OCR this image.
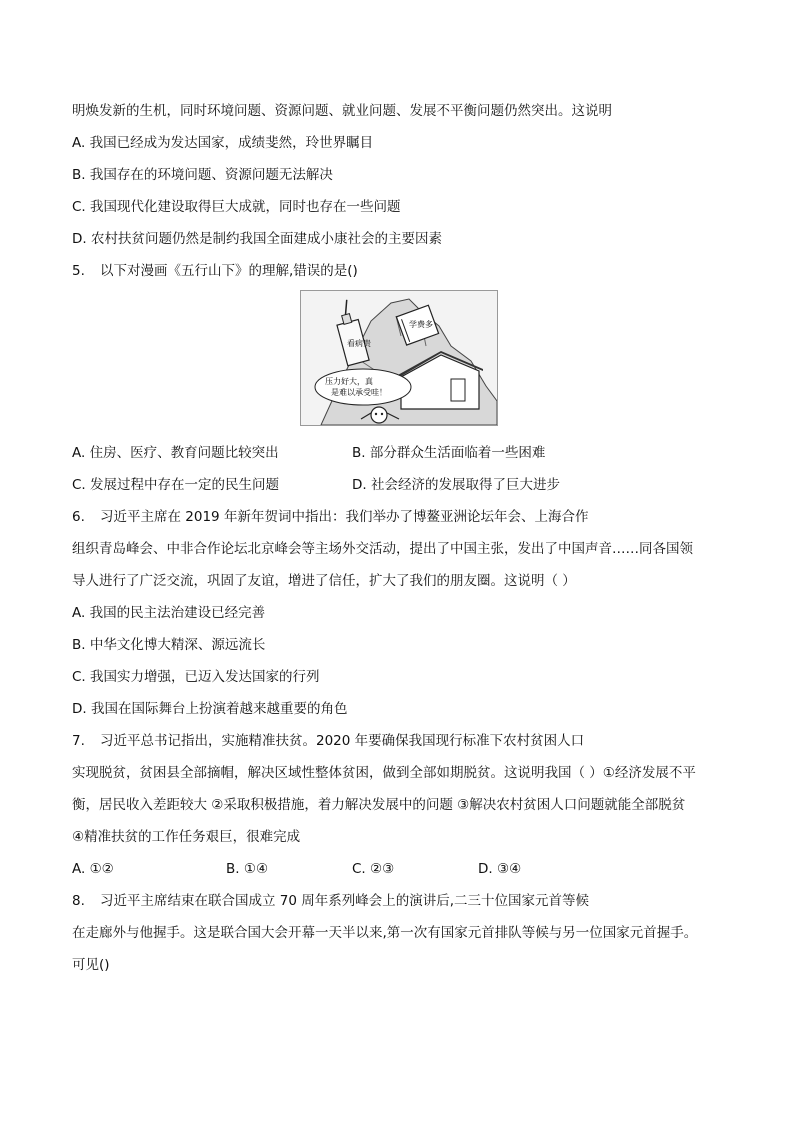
明焕发新的生机，同时环境问题、资源问题、就业问题、发展不平衡问题仍然突出。这说明
A. 我国已经成为发达国家，成绩斐然，玲世界瞩目
B. 我国存在的环境问题、资源问题无法解决
C. 我国现代化建设取得巨大成就，同时也存在一些问题
D. 农村扶贫问题仍然是制约我国全面建成小康社会的主要因素
5. 以下对漫画《五行山下》的理解,错误的是()
看病贵
学费多
压力好大，真
是难以承受哇！
A. 住房、医疗、教育问题比较突出	B. 部分群众生活面临着一些困难
C. 发展过程中存在一定的民生问题	D. 社会经济的发展取得了巨大进步
6. 习近平主席在 2019 年新年贺词中指出：我们举办了博鳌亚洲论坛年会、上海合作
组织青岛峰会、中非合作论坛北京峰会等主场外交活动，提出了中国主张，发出了中国声音……同各国领
导人进行了广泛交流，巩固了友谊，增进了信任，扩大了我们的朋友圈。这说明（ ）
A. 我国的民主法治建设已经完善
B. 中华文化博大精深、源远流长
C. 我国实力增强，已迈入发达国家的行列
D. 我国在国际舞台上扮演着越来越重要的角色
7. 习近平总书记指出，实施精准扶贫。2020 年要确保我国现行标准下农村贫困人口
实现脱贫，贫困县全部摘帽，解决区域性整体贫困，做到全部如期脱贫。这说明我国（ ）①经济发展不平
衡，居民收入差距较大 ②采取积极措施，着力解决发展中的问题 ③解决农村贫困人口问题就能全部脱贫
④精准扶贫的工作任务艰巨，很难完成
A. ①②	B. ①④	C. ②③	D. ③④
8. 习近平主席结束在联合国成立 70 周年系列峰会上的演讲后,二三十位国家元首等候
在走廊外与他握手。这是联合国大会开幕一天半以来,第一次有国家元首排队等候与另一位国家元首握手。
可见()
